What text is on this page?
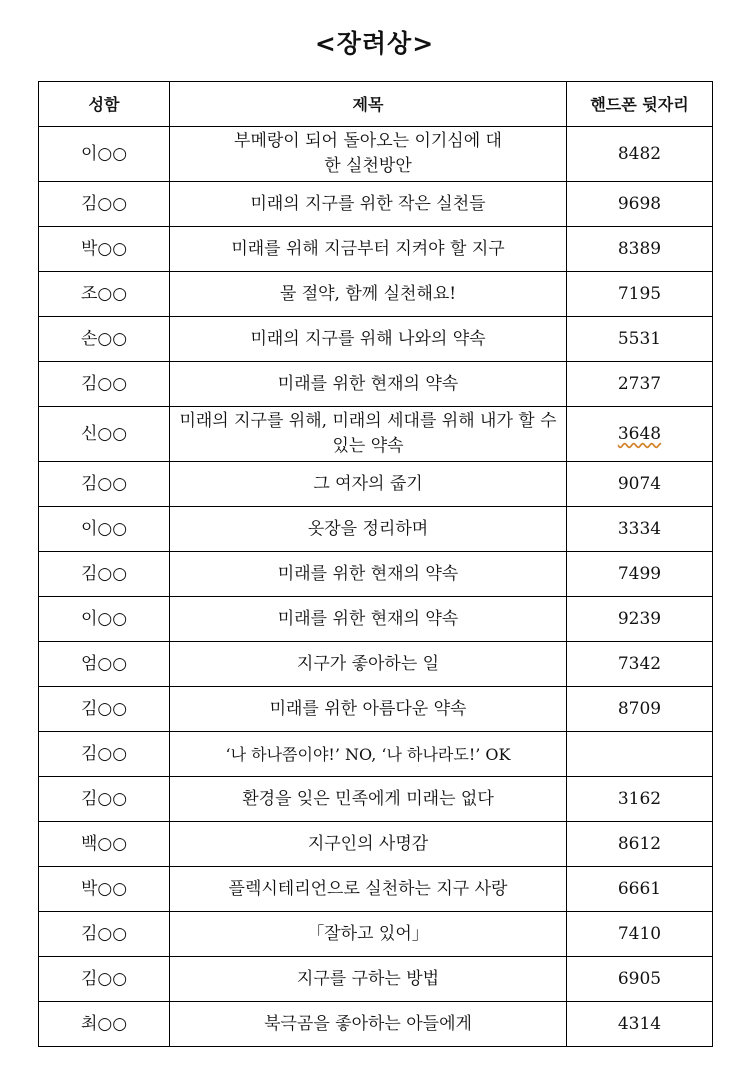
<장려상>
성함	제목	핸드폰 뒷자리
이○○	부메랑이 되어 돌아오는 이기심에 대한 실천방안	8482
김○○	미래의 지구를 위한 작은 실천들	9698
박○○	미래를 위해 지금부터 지켜야 할 지구	8389
조○○	물 절약, 함께 실천해요!	7195
손○○	미래의 지구를 위해 나와의 약속	5531
김○○	미래를 위한 현재의 약속	2737
신○○	미래의 지구를 위해, 미래의 세대를 위해 내가 할 수 있는 약속	3648
김○○	그 여자의 줍기	9074
이○○	옷장을 정리하며	3334
김○○	미래를 위한 현재의 약속	7499
이○○	미래를 위한 현재의 약속	9239
엄○○	지구가 좋아하는 일	7342
김○○	미래를 위한 아름다운 약속	8709
김○○	‘나 하나쯤이야!’ NO, ‘나 하나라도!’ OK	
김○○	환경을 잊은 민족에게 미래는 없다	3162
백○○	지구인의 사명감	8612
박○○	플렉시테리언으로 실천하는 지구 사랑	6661
김○○	「잘하고 있어」	7410
김○○	지구를 구하는 방법	6905
최○○	북극곰을 좋아하는 아들에게	4314
